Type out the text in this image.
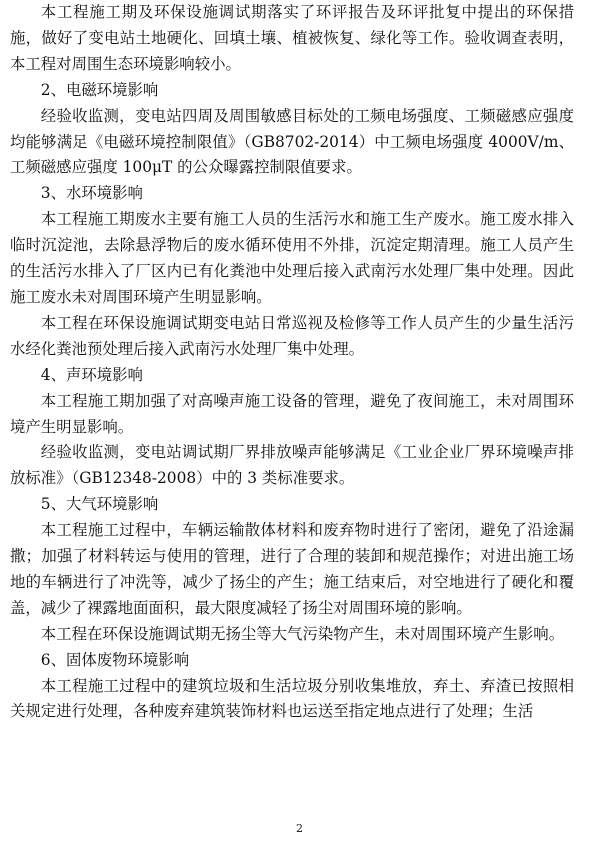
本工程施工期及环保设施调试期落实了环评报告及环评批复中提出的环保措施，做好了变电站土地硬化、回填土壤、植被恢复、绿化等工作。验收调查表明，本工程对周围生态环境影响较小。

2、电磁环境影响

经验收监测，变电站四周及周围敏感目标处的工频电场强度、工频磁感应强度均能够满足《电磁环境控制限值》（GB8702-2014）中工频电场强度 4000V/m、工频磁感应强度 100μT 的公众曝露控制限值要求。

3、水环境影响

本工程施工期废水主要有施工人员的生活污水和施工生产废水。施工废水排入临时沉淀池，去除悬浮物后的废水循环使用不外排，沉淀定期清理。施工人员产生的生活污水排入了厂区内已有化粪池中处理后接入武南污水处理厂集中处理。因此施工废水未对周围环境产生明显影响。

本工程在环保设施调试期变电站日常巡视及检修等工作人员产生的少量生活污水经化粪池预处理后接入武南污水处理厂集中处理。

4、声环境影响

本工程施工期加强了对高噪声施工设备的管理，避免了夜间施工，未对周围环境产生明显影响。

经验收监测，变电站调试期厂界排放噪声能够满足《工业企业厂界环境噪声排放标准》（GB12348-2008）中的 3 类标准要求。

5、大气环境影响

本工程施工过程中，车辆运输散体材料和废弃物时进行了密闭，避免了沿途漏撒；加强了材料转运与使用的管理，进行了合理的装卸和规范操作；对进出施工场地的车辆进行了冲洗等，减少了扬尘的产生；施工结束后，对空地进行了硬化和覆盖，减少了裸露地面面积，最大限度减轻了扬尘对周围环境的影响。

本工程在环保设施调试期无扬尘等大气污染物产生，未对周围环境产生影响。

6、固体废物环境影响

本工程施工过程中的建筑垃圾和生活垃圾分别收集堆放，弃土、弃渣已按照相关规定进行处理，各种废弃建筑装饰材料也运送至指定地点进行了处理；生活

2
